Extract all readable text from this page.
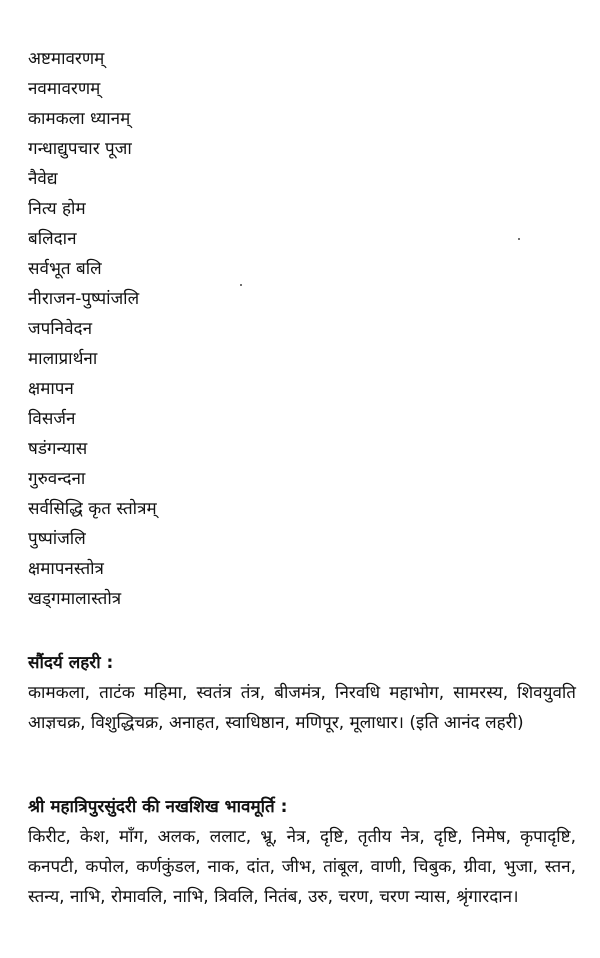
अष्टमावरणम्
नवमावरणम्
कामकला ध्यानम्
गन्धाद्युपचार पूजा
नैवेद्य
नित्य होम
बलिदान
सर्वभूत बलि
नीराजन-पुष्पांजलि
जपनिवेदन
मालाप्रार्थना
क्षमापन
विसर्जन
षडंगन्यास
गुरुवन्दना
सर्वसिद्धि कृत स्तोत्रम्
पुष्पांजलि
क्षमापनस्तोत्र
खड्गमालास्तोत्र

सौंदर्य लहरी :

कामकला, ताटंक महिमा, स्वतंत्र तंत्र, बीजमंत्र, निरवधि महाभोग, सामरस्य, शिवयुवति आज्ञचक्र, विशुद्धिचक्र, अनाहत, स्वाधिष्ठान, मणिपूर, मूलाधार। (इति आनंद लहरी)

श्री महात्रिपुरसुंदरी की नखशिख भावमूर्ति :

किरीट, केश, माँग, अलक, ललाट, भ्रू, नेत्र, दृष्टि, तृतीय नेत्र, दृष्टि, निमेष, कृपादृष्टि, कनपटी, कपोल, कर्णकुंडल, नाक, दांत, जीभ, तांबूल, वाणी, चिबुक, ग्रीवा, भुजा, स्तन, स्तन्य, नाभि, रोमावलि, नाभि, त्रिवलि, नितंब, उरु, चरण, चरण न्यास, श्रृंगारदान।
